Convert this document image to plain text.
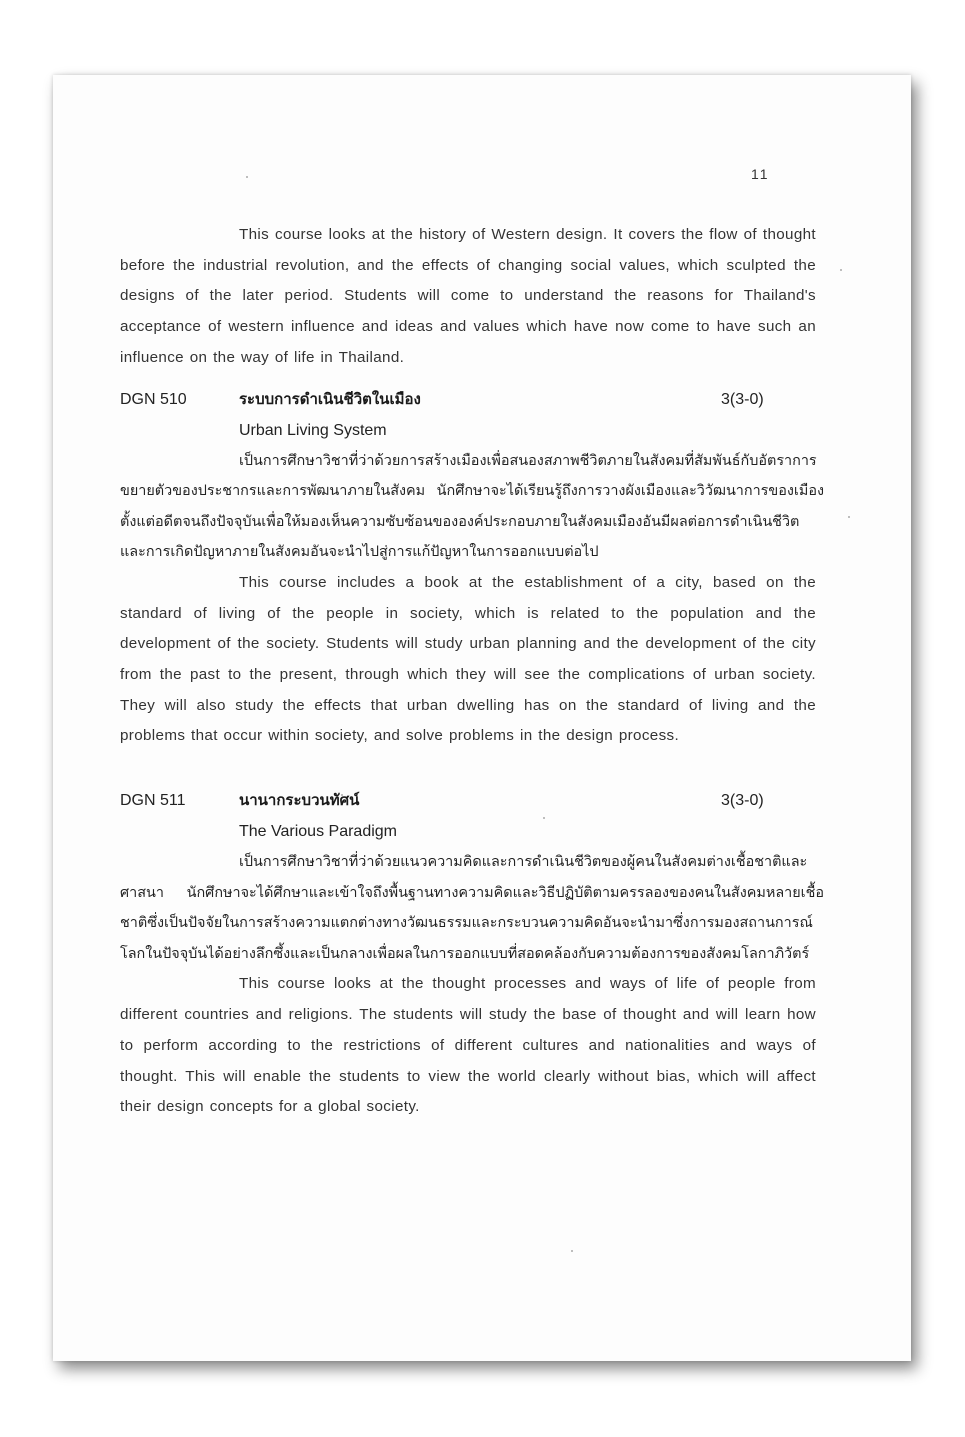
11

This course looks at the history of Western design. It covers the flow of thought before the industrial revolution, and the effects of changing social values, which sculpted the designs of the later period. Students will come to understand the reasons for Thailand's acceptance of western influence and ideas and values which have now come to have such an influence on the way of life in Thailand.

DGN 510	ระบบการดำเนินชีวิตในเมือง	3(3-0)

Urban Living System

เป็นการศึกษาวิชาที่ว่าด้วยการสร้างเมืองเพื่อสนองสภาพชีวิตภายในสังคมที่สัมพันธ์กับอัตราการขยายตัวของประชากรและการพัฒนาภายในสังคม นักศึกษาจะได้เรียนรู้ถึงการวางผังเมืองและวิวัฒนาการของเมืองตั้งแต่อดีตจนถึงปัจจุบันเพื่อให้มองเห็นความซับซ้อนขององค์ประกอบภายในสังคมเมืองอันมีผลต่อการดำเนินชีวิตและการเกิดปัญหาภายในสังคมอันจะนำไปสู่การแก้ปัญหาในการออกแบบต่อไป

This course includes a book at the establishment of a city, based on the standard of living of the people in society, which is related to the population and the development of the society. Students will study urban planning and the development of the city from the past to the present, through which they will see the complications of urban society. They will also study the effects that urban dwelling has on the standard of living and the problems that occur within society, and solve problems in the design process.

DGN 511	นานากระบวนทัศน์	3(3-0)

The Various Paradigm

เป็นการศึกษาวิชาที่ว่าด้วยแนวความคิดและการดำเนินชีวิตของผู้คนในสังคมต่างเชื้อชาติและศาสนา นักศึกษาจะได้ศึกษาและเข้าใจถึงพื้นฐานทางความคิดและวิธีปฏิบัติตามครรลองของคนในสังคมหลายเชื้อชาติซึ่งเป็นปัจจัยในการสร้างความแตกต่างทางวัฒนธรรมและกระบวนความคิดอันจะนำมาซึ่งการมองสถานการณ์โลกในปัจจุบันได้อย่างลึกซึ้งและเป็นกลางเพื่อผลในการออกแบบที่สอดคล้องกับความต้องการของสังคมโลกาภิวัตร์

This course looks at the thought processes and ways of life of people from different countries and religions. The students will study the base of thought and will learn how to perform according to the restrictions of different cultures and nationalities and ways of thought. This will enable the students to view the world clearly without bias, which will affect their design concepts for a global society.
